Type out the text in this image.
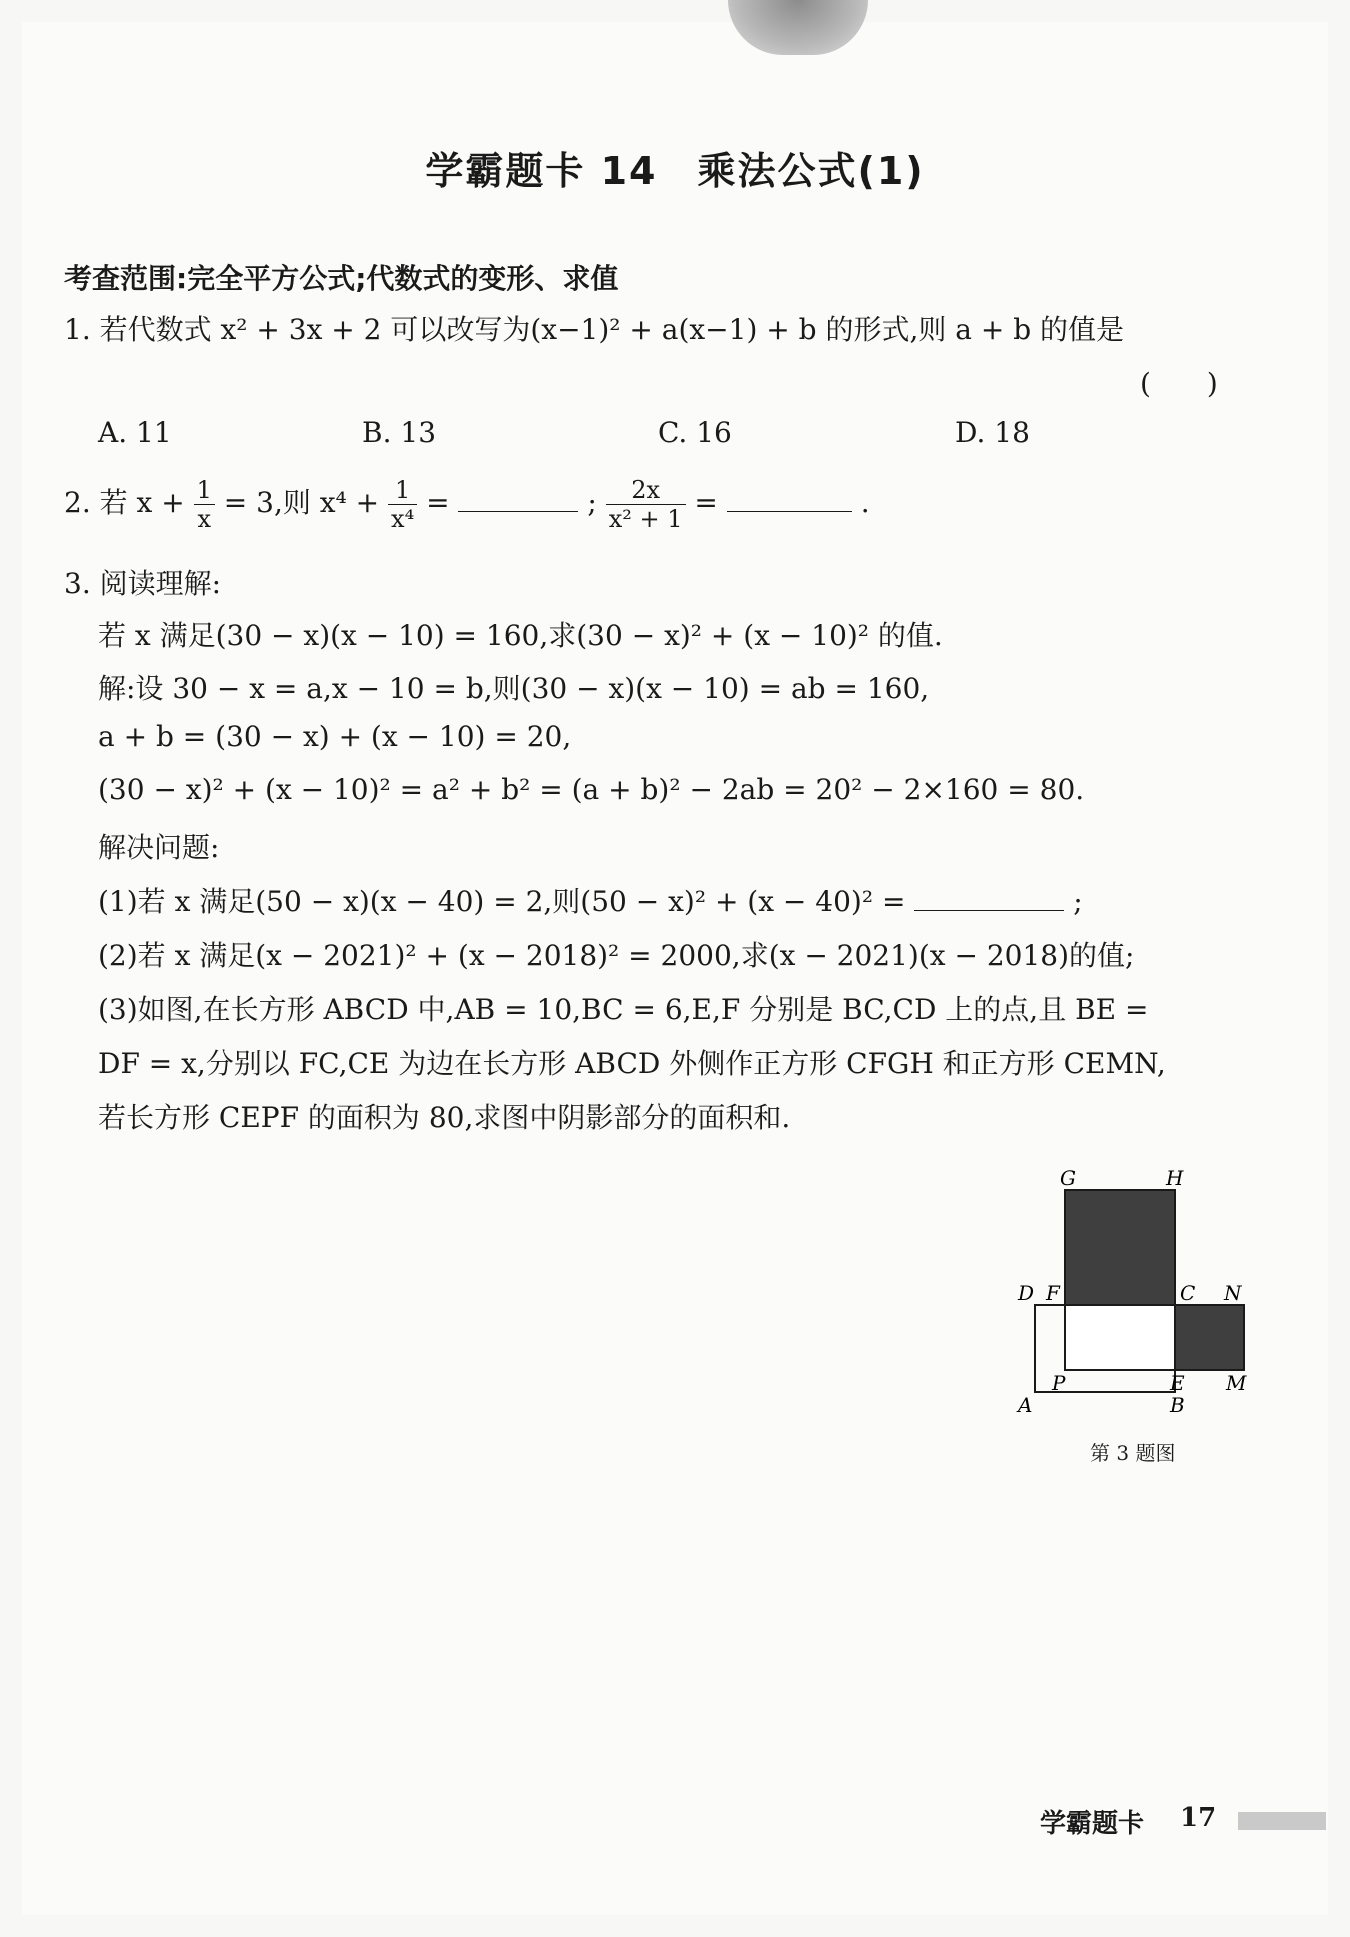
学霸题卡 14　乘法公式(1)
考查范围:完全平方公式;代数式的变形、求值
1. 若代数式 x² + 3x + 2 可以改写为(x−1)² + a(x−1) + b 的形式,则 a + b 的值是
(　　)
A. 11	B. 13	C. 16	D. 18
2. 若 $x + \frac{1}{x} = 3$,则 $x^4 + \frac{1}{\text{x⁴}}$ =	; $\frac{2x}{\text{x² + 1}}$ =	.
3. 阅读理解:
若 x 满足(30 − x)(x − 10) = 160,求(30 − x)² + (x − 10)² 的值.
解:设 30 − x = a,x − 10 = b,则(30 − x)(x − 10) = ab = 160,
a + b = (30 − x) + (x − 10) = 20,
(30 − x)² + (x − 10)² = a² + b² = (a + b)² − 2ab = 20² − 2×160 = 80.
解决问题:
(1)若 x 满足(50 − x)(x − 40) = 2,则(50 − x)² + (x − 40)² =	;
(2)若 x 满足(x − 2021)² + (x − 2018)² = 2000,求(x − 2021)(x − 2018)的值;
(3)如图,在长方形 ABCD 中,AB = 10,BC = 6,E,F 分别是 BC,CD 上的点,且 BE =
DF = x,分别以 FC,CE 为边在长方形 ABCD 外侧作正方形 CFGH 和正方形 CEMN,
若长方形 CEPF 的面积为 80,求图中阴影部分的面积和.
G	H
D F	C N
P	E M
A	B
第 3 题图
学霸题卡 17
